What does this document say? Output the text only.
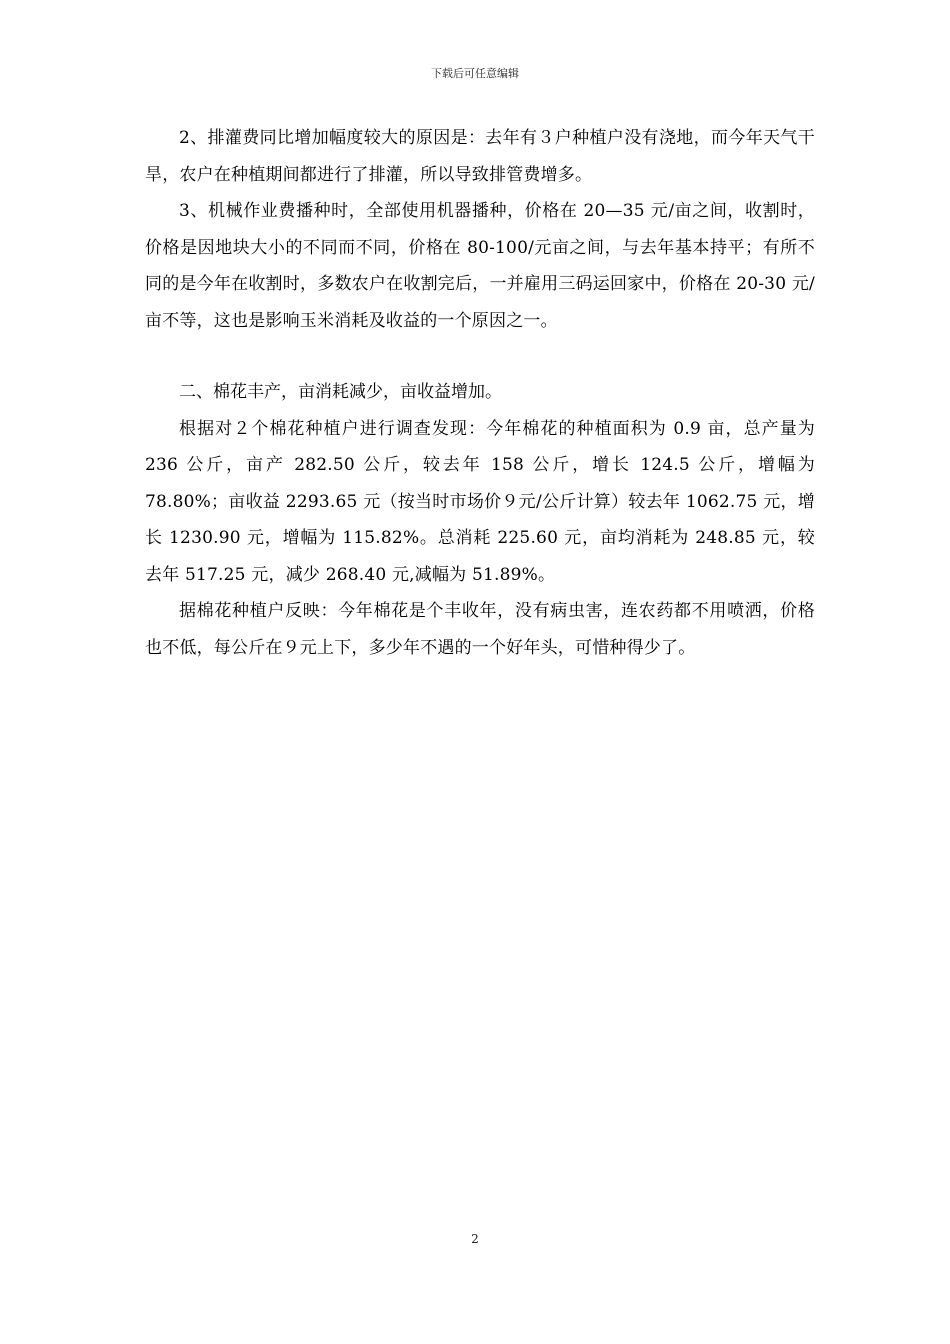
下载后可任意编辑

2、排灌费同比增加幅度较大的原因是：去年有３户种植户没有浇地，而今年天气干旱，农户在种植期间都进行了排灌，所以导致排管费增多。

3、机械作业费播种时，全部使用机器播种，价格在 20—35 元/亩之间，收割时，价格是因地块大小的不同而不同，价格在 80-100/元亩之间，与去年基本持平；有所不同的是今年在收割时，多数农户在收割完后，一并雇用三码运回家中，价格在 20-30 元/亩不等，这也是影响玉米消耗及收益的一个原因之一。

二、棉花丰产，亩消耗减少，亩收益增加。

根据对２个棉花种植户进行调查发现：今年棉花的种植面积为 0.9 亩，总产量为 236 公斤，亩产 282.50 公斤，较去年 158 公斤，增长 124.5 公斤，增幅为 78.80%；亩收益 2293.65 元（按当时市场价９元/公斤计算）较去年 1062.75 元，增长 1230.90 元，增幅为 115.82%。总消耗 225.60 元，亩均消耗为 248.85 元，较去年 517.25 元，减少 268.40 元,减幅为 51.89%。

据棉花种植户反映：今年棉花是个丰收年，没有病虫害，连农药都不用喷洒，价格也不低，每公斤在９元上下，多少年不遇的一个好年头，可惜种得少了。

2
